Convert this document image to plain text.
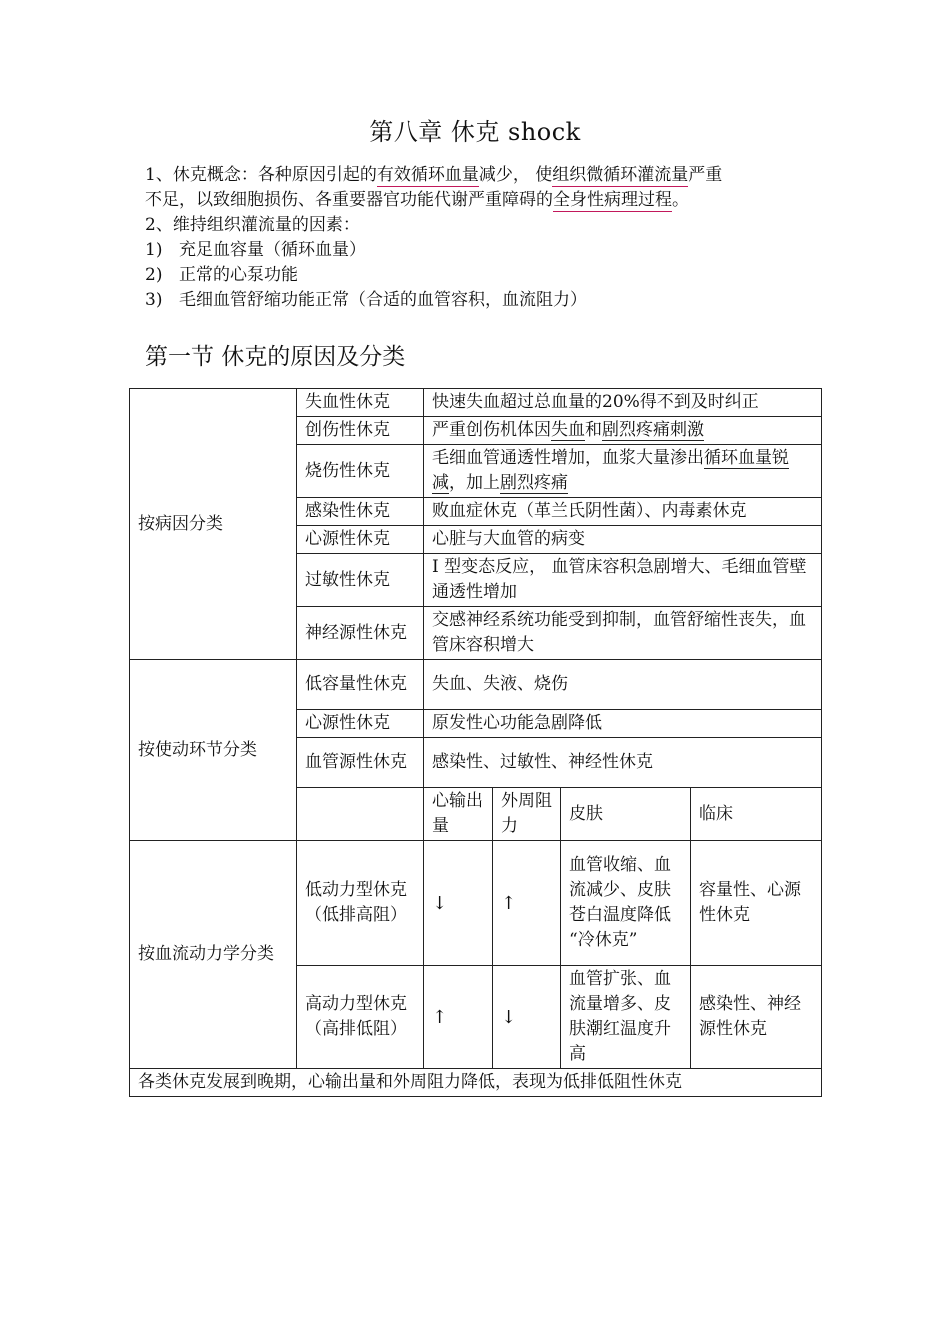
第八章 休克 shock
1、休克概念：各种原因引起的有效循环血量减少， 使组织微循环灌流量严重
不足，以致细胞损伤、各重要器官功能代谢严重障碍的全身性病理过程。
2、维持组织灌流量的因素：
1) 充足血容量（循环血量）
2) 正常的心泵功能
3) 毛细血管舒缩功能正常（合适的血管容积，血流阻力）
第一节 休克的原因及分类
按病因分类	失血性休克	快速失血超过总血量的20%得不到及时纠正			
	创伤性休克	严重创伤机体因失血和剧烈疼痛刺激			
	烧伤性休克	毛细血管通透性增加，血浆大量渗出循环血量锐减，加上剧烈疼痛			
	感染性休克	败血症休克（革兰氏阴性菌）、内毒素休克			
	心源性休克	心脏与大血管的病变			
	过敏性休克	I 型变态反应， 血管床容积急剧增大、毛细血管壁通透性增加			
	神经源性休克	交感神经系统功能受到抑制，血管舒缩性丧失，血管床容积增大			
按使动环节分类	低容量性休克	失血、失液、烧伤			
	心源性休克	原发性心功能急剧降低			
	血管源性休克	感染性、过敏性、神经性休克			
		心输出量	外周阻力	皮肤	临床
按血流动力学分类	低动力型休克（低排高阻）	↓	↑	血管收缩、血流减少、皮肤苍白温度降低 “冷休克”	容量性、心源性休克
	高动力型休克（高排低阻）	↑	↓	血管扩张、血流量增多、皮肤潮红温度升高	感染性、神经源性休克
各类休克发展到晚期，心输出量和外周阻力降低，表现为低排低阻性休克					
